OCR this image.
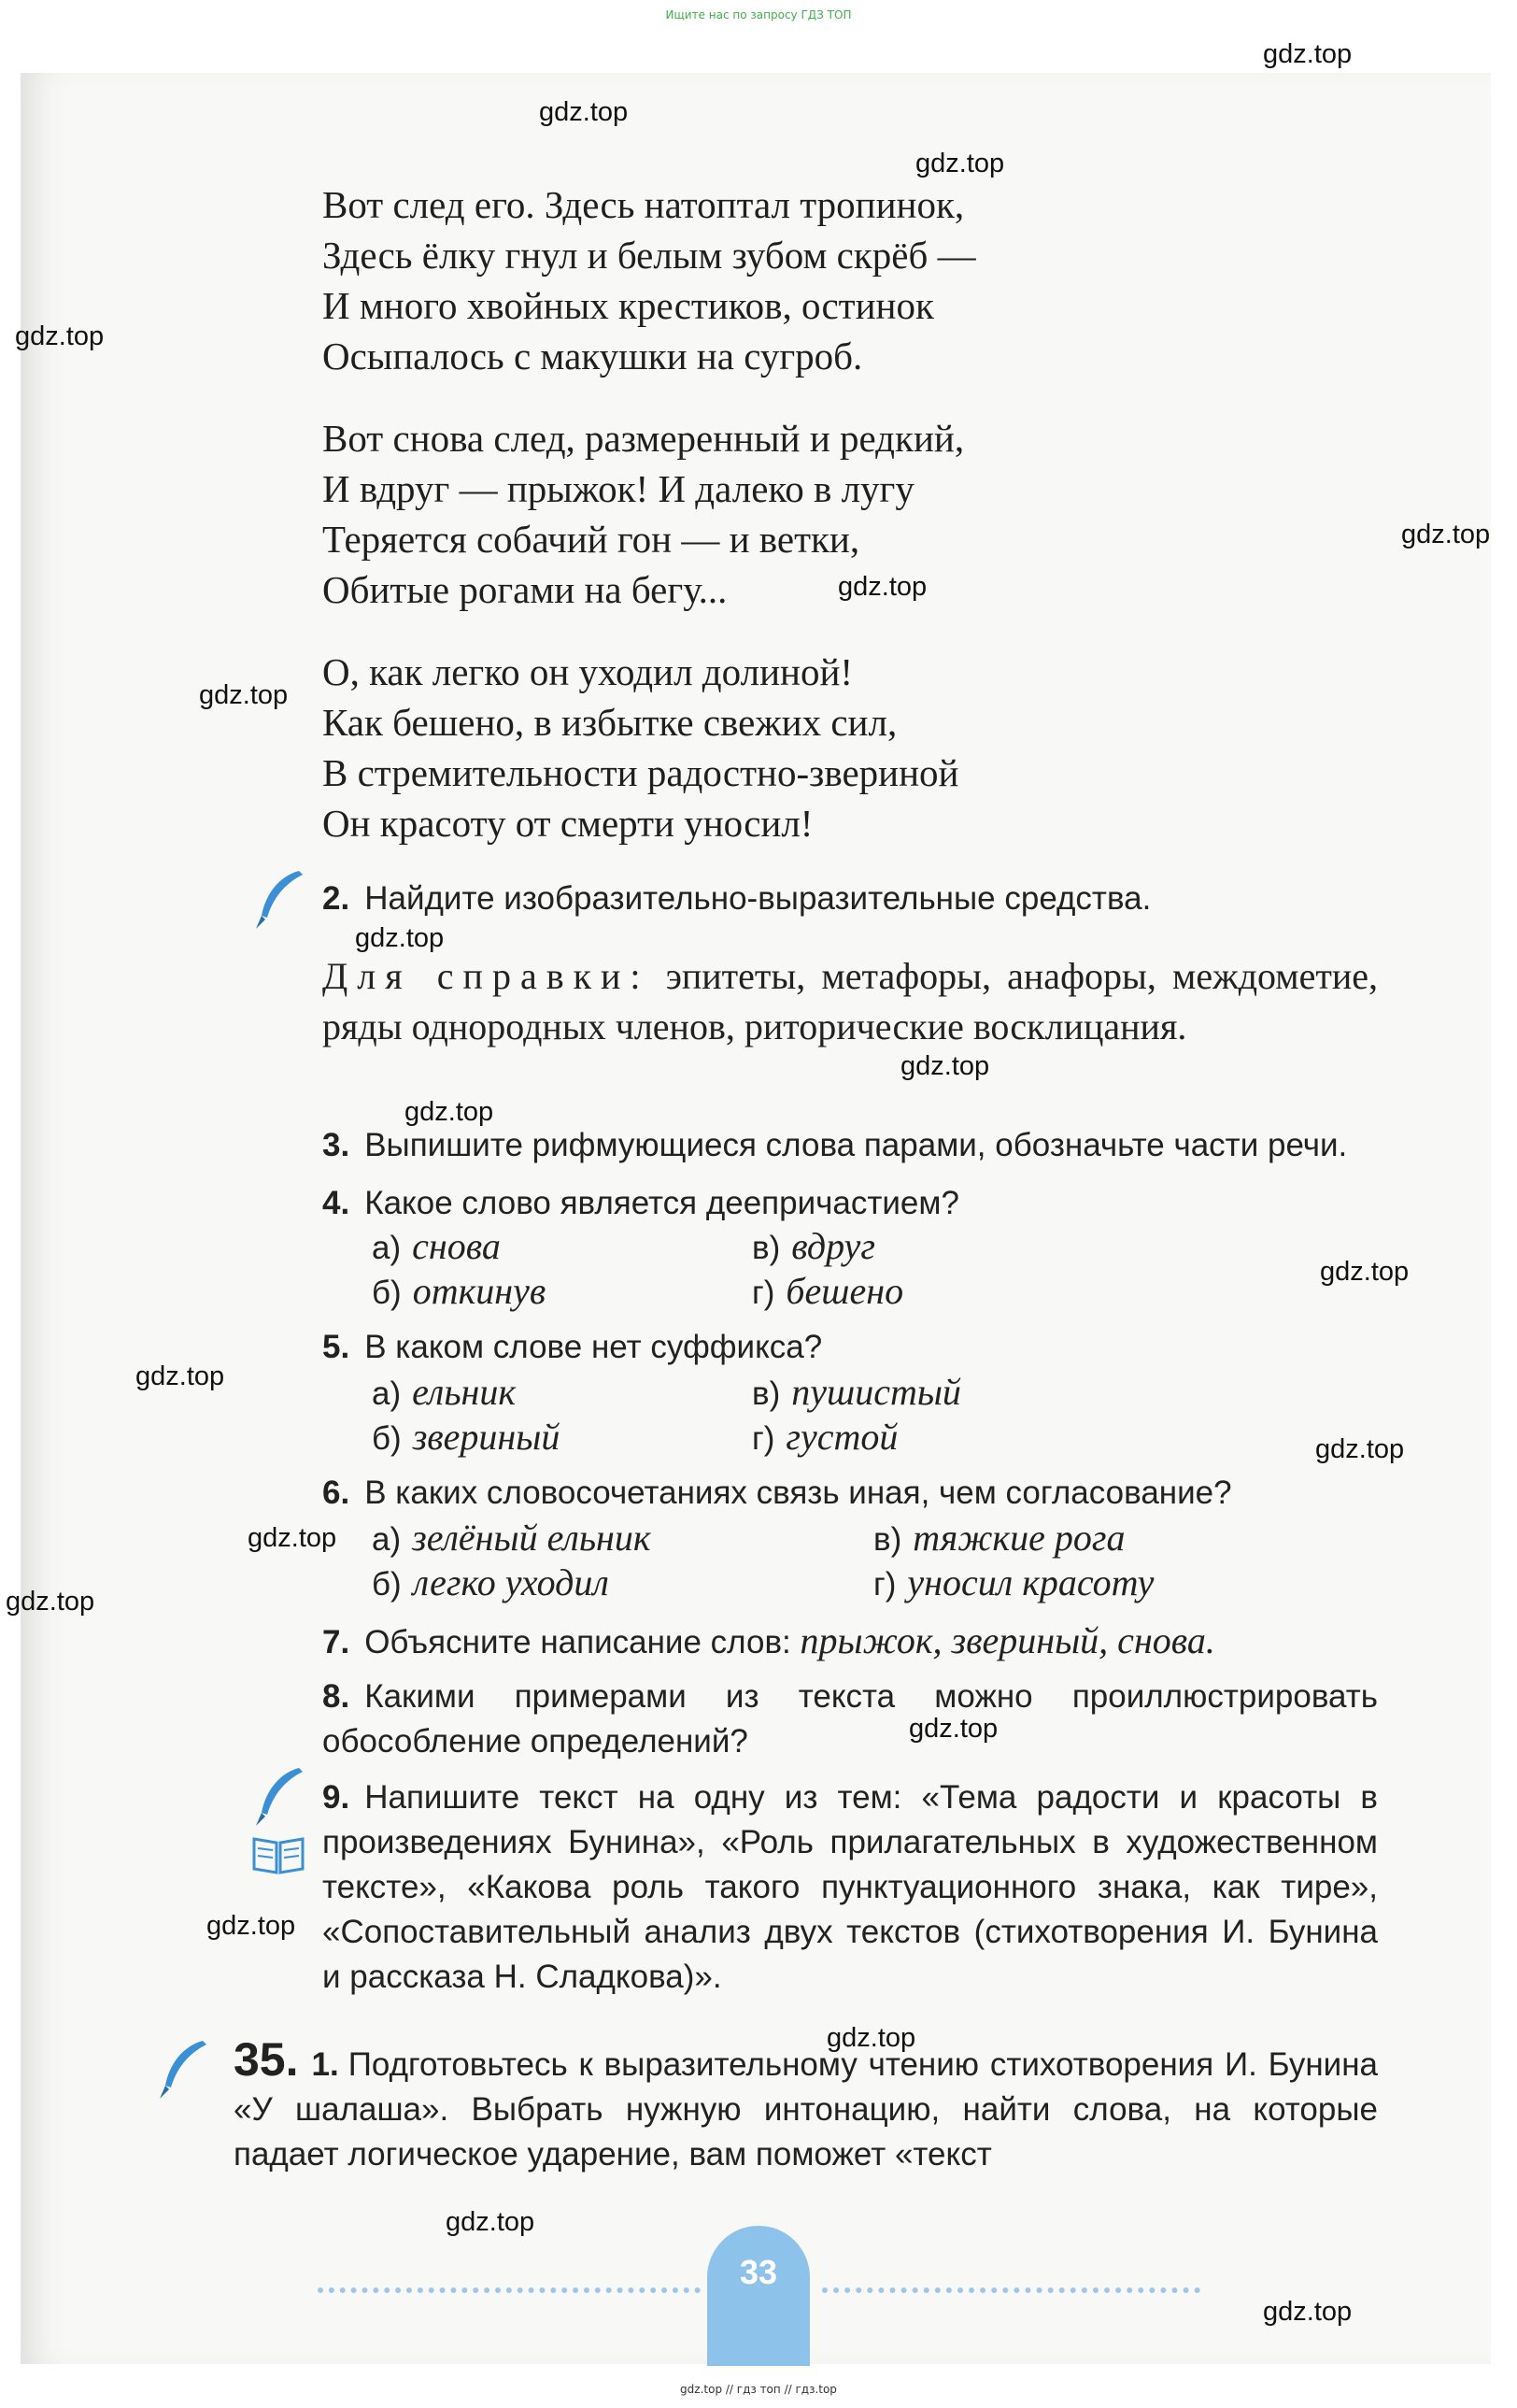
Ищите нас по запросу ГДЗ ТОП

Вот след его. Здесь натоптал тропинок,
Здесь ёлку гнул и белым зубом скрёб —
И много хвойных крестиков, остинок
Осыпалось с макушки на сугроб.
Вот снова след, размеренный и редкий,
И вдруг — прыжок! И далеко в лугу
Теряется собачий гон — и ветки,
Обитые рогами на бегу...
О, как легко он уходил долиной!
Как бешено, в избытке свежих сил,
В стремительности радостно-звериной
Он красоту от смерти уносил!
2. Найдите изобразительно-выразительные средства.
Для справки: эпитеты, метафоры, анафоры, междометие, ряды однородных членов, риторические восклицания.
3. Выпишите рифмующиеся слова парами, обозначьте части речи.
4. Какое слово является деепричастием?
а) снова	в) вдруг
б) откинув	г) бешено
5. В каком слове нет суффикса?
а) ельник	в) пушистый
б) звериный	г) густой
6. В каких словосочетаниях связь иная, чем согласование?
а) зелёный ельник	в) тяжкие рога
б) легко уходил	г) уносил красоту
7. Объясните написание слов: прыжок, звериный, снова.
8. Какими примерами из текста можно проиллюстрировать обособление определений?
9. Напишите текст на одну из тем: «Тема радости и красоты в произведениях Бунина», «Роль прилагательных в художественном тексте», «Какова роль такого пунктуационного знака, как тире», «Сопоставительный анализ двух текстов (стихотворения И. Бунина и рассказа Н. Сладкова)».
35. 1. Подготовьтесь к выразительному чтению стихотворения И. Бунина «У шалаша». Выбрать нужную интонацию, найти слова, на которые падает логическое ударение, вам поможет «текст
33
gdz.top
gdz.top
gdz.top
gdz.top
gdz.top
gdz.top
gdz.top
gdz.top
gdz.top
gdz.top
gdz.top
gdz.top
gdz.top
gdz.top
gdz.top
gdz.top
gdz.top
gdz.top
gdz.top
gdz.top
gdz.top // гдз топ // гдз.top
